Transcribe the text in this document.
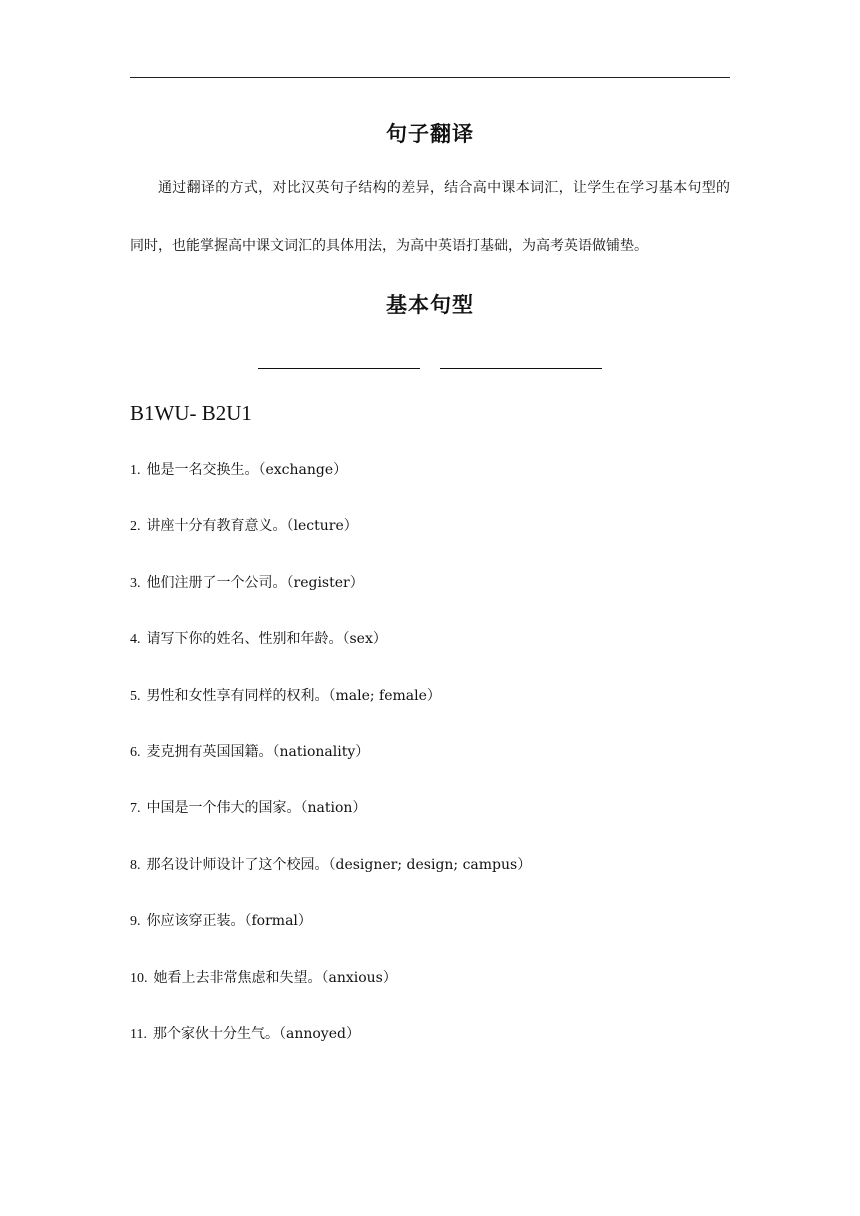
句子翻译

通过翻译的方式，对比汉英句子结构的差异，结合高中课本词汇，让学生在学习基本句型的同时，也能掌握高中课文词汇的具体用法，为高中英语打基础，为高考英语做铺垫。

基本句型
B1WU- B2U1
1. 他是一名交换生。（exchange）
2. 讲座十分有教育意义。（lecture）
3. 他们注册了一个公司。（register）
4. 请写下你的姓名、性别和年龄。（sex）
5. 男性和女性享有同样的权利。（male; female）
6. 麦克拥有英国国籍。（nationality）
7. 中国是一个伟大的国家。（nation）
8. 那名设计师设计了这个校园。（designer; design; campus）
9. 你应该穿正装。（formal）
10. 她看上去非常焦虑和失望。（anxious）
11. 那个家伙十分生气。（annoyed）
